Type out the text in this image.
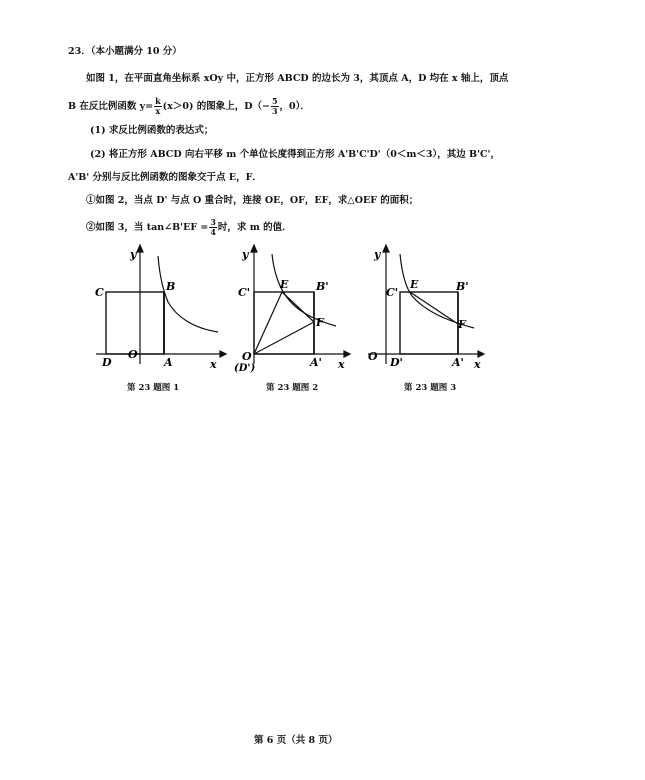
23．（本小题满分 10 分）
如图 1，在平面直角坐标系 xOy 中，正方形 ABCD 的边长为 3，其顶点 A，D 均在 x 轴上，顶点
B 在反比例函数 $y= \frac{k}{x} (x>0)$ 的图象上，$D(- \frac{5}{3}$ ，0）．
(1) 求反比例函数的表达式；
(2) 将正方形 ABCD 向右平移 m 个单位长度得到正方形 A'B'C'D'（0＜m＜3），其边 B'C'，
A'B' 分别与反比例函数的图象交于点 E，F．
①如图 2，当点 D' 与点 O 重合时，连接 OE，OF，EF，求△OEF 的面积；
②如图 3，当 tan∠B'EF = $\frac{3}{4}$ 时，求 m 的值．
y
x
C	B
O
D	A
y
x
C'
E	B'
F
O
(D')	A'
y
x
C'
E	B'
F
O D'	A'
第 23 题图 1	第 23 题图 2	第 23 题图 3
第 6 页（共 8 页）
